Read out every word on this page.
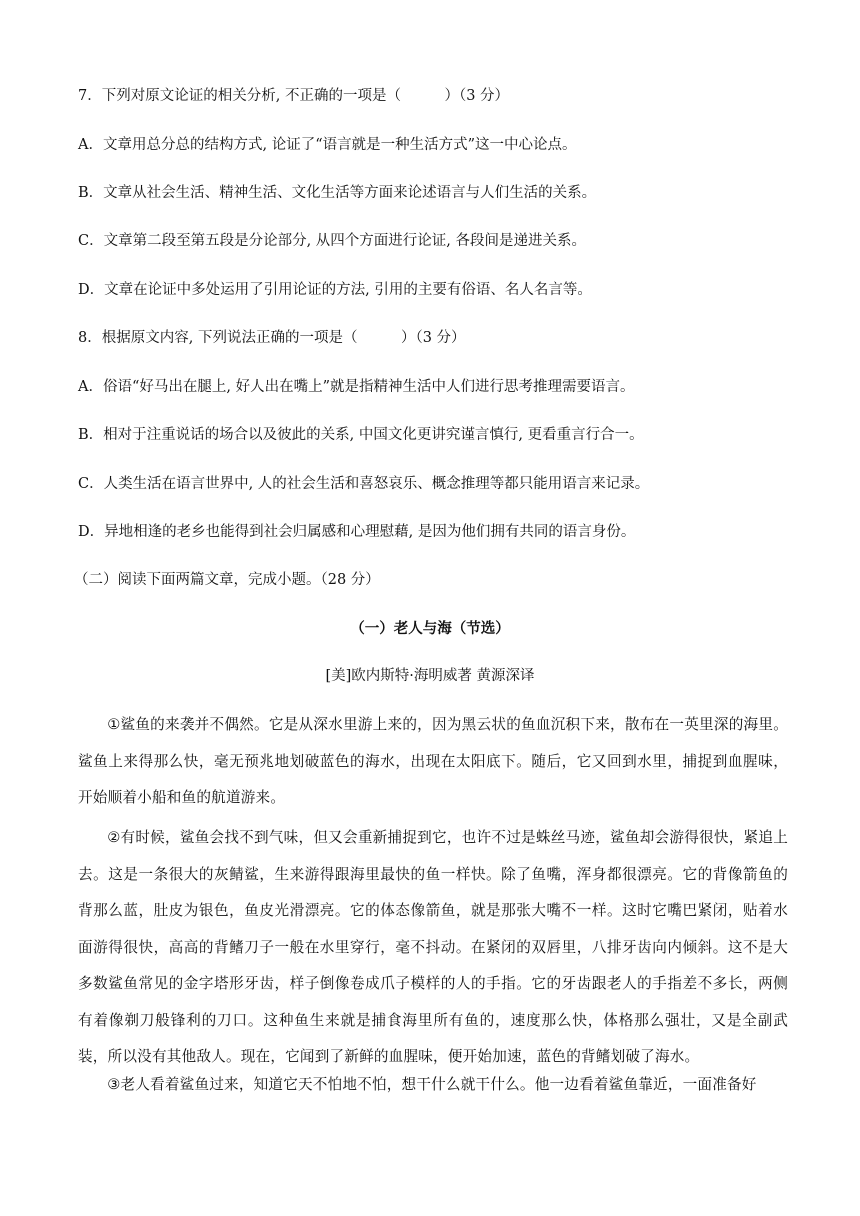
7．下列对原文论证的相关分析, 不正确的一项是（　　　）（3 分）
A．文章用总分总的结构方式, 论证了“语言就是一种生活方式”这一中心论点。
B．文章从社会生活、精神生活、文化生活等方面来论述语言与人们生活的关系。
C．文章第二段至第五段是分论部分, 从四个方面进行论证, 各段间是递进关系。
D．文章在论证中多处运用了引用论证的方法, 引用的主要有俗语、名人名言等。
8．根据原文内容, 下列说法正确的一项是（　　　）（3 分）
A．俗语“好马出在腿上, 好人出在嘴上”就是指精神生活中人们进行思考推理需要语言。
B．相对于注重说话的场合以及彼此的关系, 中国文化更讲究谨言慎行, 更看重言行合一。
C．人类生活在语言世界中, 人的社会生活和喜怒哀乐、概念推理等都只能用语言来记录。
D．异地相逢的老乡也能得到社会归属感和心理慰藉, 是因为他们拥有共同的语言身份。
（二）阅读下面两篇文章，完成小题。（28 分）
（一）老人与海（节选）
[美]欧内斯特·海明威著 黄源深译
①鲨鱼的来袭并不偶然。它是从深水里游上来的，因为黑云状的鱼血沉积下来，散布在一英里深的海里。鲨鱼上来得那么快，毫无预兆地划破蓝色的海水，出现在太阳底下。随后，它又回到水里，捕捉到血腥味，开始顺着小船和鱼的航道游来。
②有时候，鲨鱼会找不到气味，但又会重新捕捉到它，也许不过是蛛丝马迹，鲨鱼却会游得很快，紧追上去。这是一条很大的灰鲭鲨，生来游得跟海里最快的鱼一样快。除了鱼嘴，浑身都很漂亮。它的背像箭鱼的背那么蓝，肚皮为银色，鱼皮光滑漂亮。它的体态像箭鱼，就是那张大嘴不一样。这时它嘴巴紧闭，贴着水面游得很快，高高的背鳍刀子一般在水里穿行，毫不抖动。在紧闭的双唇里，八排牙齿向内倾斜。这不是大多数鲨鱼常见的金字塔形牙齿，样子倒像卷成爪子模样的人的手指。它的牙齿跟老人的手指差不多长，两侧有着像剃刀般锋利的刀口。这种鱼生来就是捕食海里所有鱼的，速度那么快，体格那么强壮，又是全副武装，所以没有其他敌人。现在，它闻到了新鲜的血腥味，便开始加速，蓝色的背鳍划破了海水。
③老人看着鲨鱼过来，知道它天不怕地不怕，想干什么就干什么。他一边看着鲨鱼靠近，一面准备好
